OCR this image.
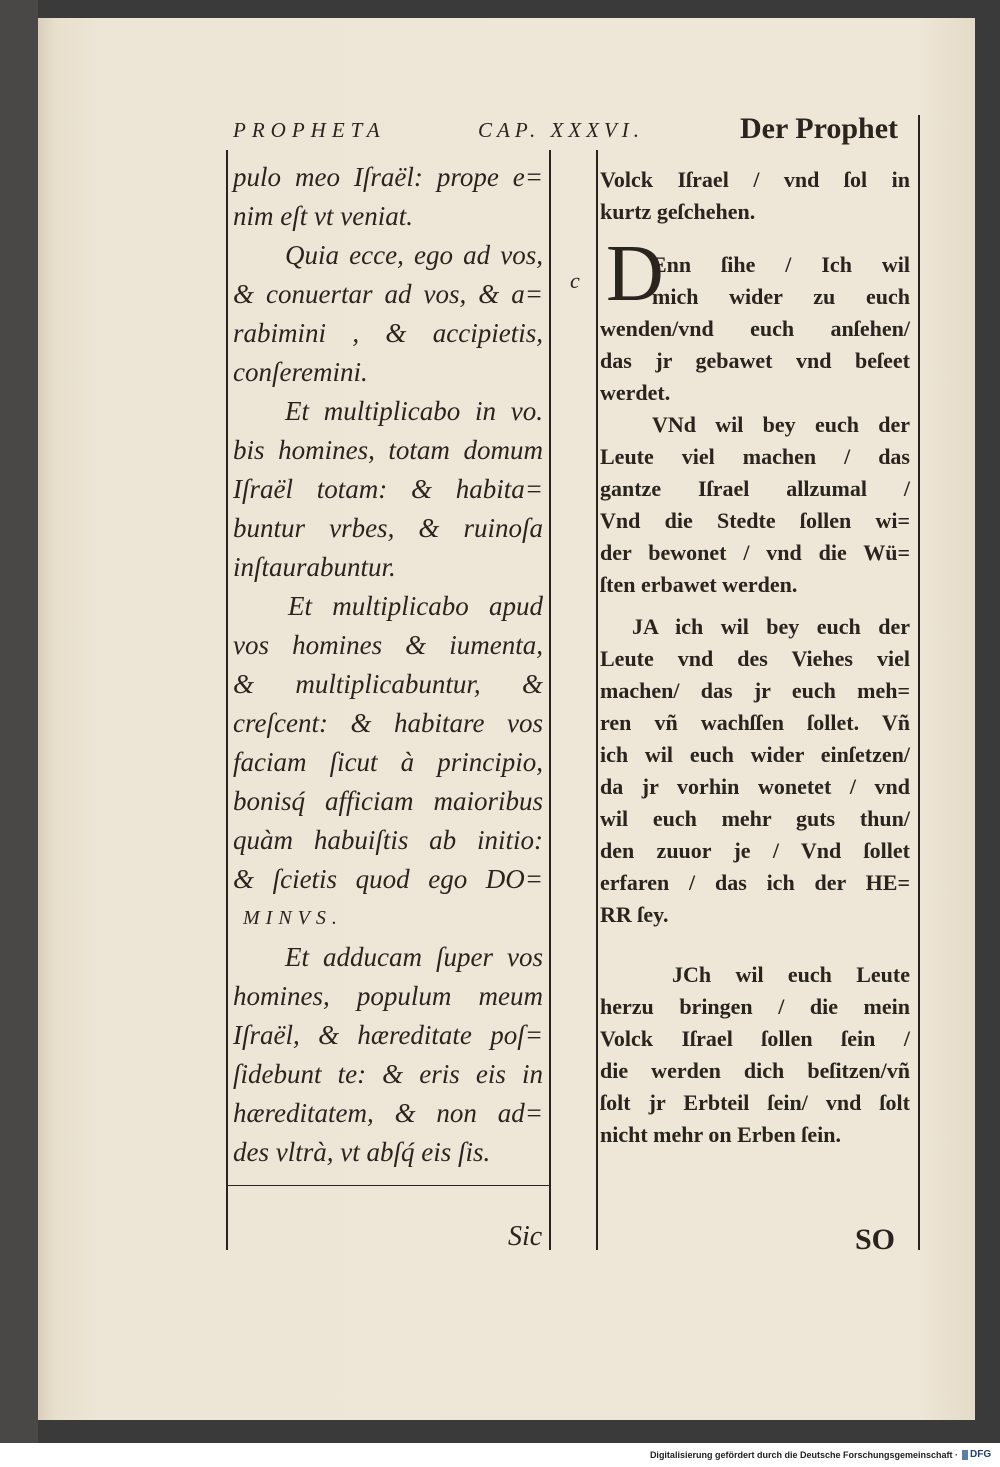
PROPHETA	CAP. XXXVI.	Der Prophet
pulo meo Iſraël: prope e=
nim eſt vt veniat.
Quia ecce, ego ad vos,
& conuertar ad vos, & a=
rabimini , & accipietis,
conſeremini.
Et multiplicabo in vo.
bis homines, totam domum
Iſraël totam: & habita=
buntur vrbes, & ruinoſa
inſtaurabuntur.
Et multiplicabo apud
vos homines & iumenta,
& multiplicabuntur, &
creſcent: & habitare vos
faciam ſicut à principio,
bonisq́ afficiam maioribus
quàm habuiſtis ab initio:
& ſcietis quod ego DO=
MINVS.
Et adducam ſuper vos
homines, populum meum
Iſraël, & hæreditate poſ=
ſidebunt te: & eris eis in
hæreditatem, & non ad=
des vltrà, vt abſq́ eis ſis.
c
Volck Iſrael / vnd ſol in
kurtz geſchehen.
D
Enn ſihe / Ich wil
mich wider zu euch
wenden/vnd euch anſehen/
das jr gebawet vnd beſeet
werdet.
VNd wil bey euch der
Leute viel machen / das
gantze Iſrael allzumal /
Vnd die Stedte ſollen wi=
der bewonet / vnd die Wü=
ſten erbawet werden.
JA ich wil bey euch der
Leute vnd des Viehes viel
machen/ das jr euch meh=
ren vñ wachſſen ſollet. Vñ
ich wil euch wider einſetzen/
da jr vorhin wonetet / vnd
wil euch mehr guts thun/
den zuuor je / Vnd ſollet
erfaren / das ich der HE=
RR ſey.
JCh wil euch Leute
herzu bringen / die mein
Volck Iſrael ſollen ſein /
die werden dich beſitzen/vñ
ſolt jr Erbteil ſein/ vnd ſolt
nicht mehr on Erben ſein.
Sic	SO
Digitalisierung gefördert durch die Deutsche Forschungsgemeinschaft · DFG
